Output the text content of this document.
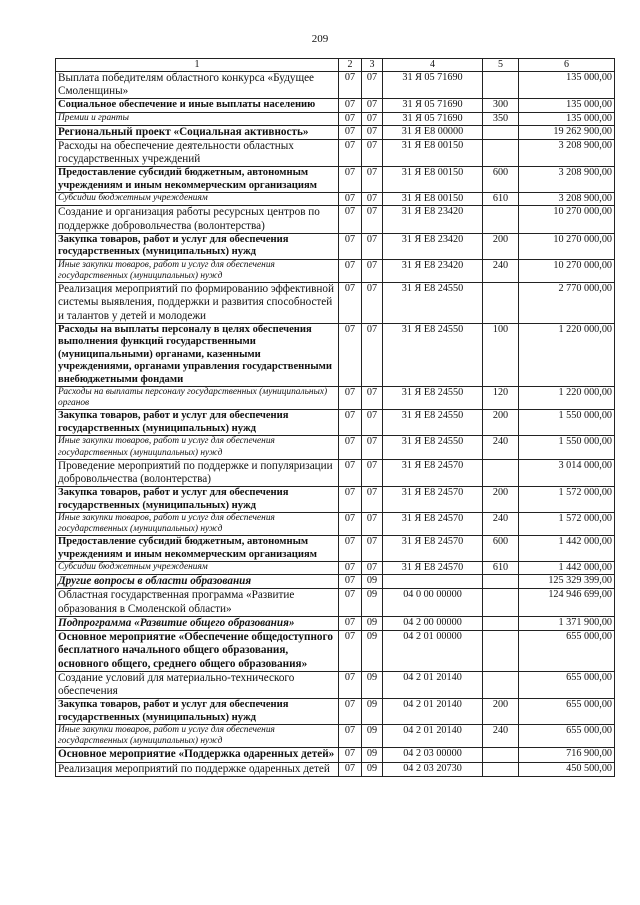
209
1	2	3	4	5	6
Выплата победителям областного конкурса «Будущее Смоленщины»	07	07	31 Я 05 71690		135 000,00
Социальное обеспечение и иные выплаты населению	07	07	31 Я 05 71690	300	135 000,00
Премии и гранты	07	07	31 Я 05 71690	350	135 000,00
Региональный проект «Социальная активность»	07	07	31 Я Е8 00000		19 262 900,00
Расходы на обеспечение деятельности областных государственных учреждений	07	07	31 Я Е8 00150		3 208 900,00
Предоставление субсидий бюджетным, автономным учреждениям и иным некоммерческим организациям	07	07	31 Я Е8 00150	600	3 208 900,00
Субсидии бюджетным учреждениям	07	07	31 Я Е8 00150	610	3 208 900,00
Создание и организация работы ресурсных центров по поддержке добровольчества (волонтерства)	07	07	31 Я Е8 23420		10 270 000,00
Закупка товаров, работ и услуг для обеспечения государственных (муниципальных) нужд	07	07	31 Я Е8 23420	200	10 270 000,00
Иные закупки товаров, работ и услуг для обеспечения государственных (муниципальных) нужд	07	07	31 Я Е8 23420	240	10 270 000,00
Реализация мероприятий по формированию эффективной системы выявления, поддержки и развития способностей и талантов у детей и молодежи	07	07	31 Я Е8 24550		2 770 000,00
Расходы на выплаты персоналу в целях обеспечения выполнения функций государственными (муниципальными) органами, казенными учреждениями, органами управления государственными внебюджетными фондами	07	07	31 Я Е8 24550	100	1 220 000,00
Расходы на выплаты персоналу государственных (муниципальных) органов	07	07	31 Я Е8 24550	120	1 220 000,00
Закупка товаров, работ и услуг для обеспечения государственных (муниципальных) нужд	07	07	31 Я Е8 24550	200	1 550 000,00
Иные закупки товаров, работ и услуг для обеспечения государственных (муниципальных) нужд	07	07	31 Я Е8 24550	240	1 550 000,00
Проведение мероприятий по поддержке и популяризации добровольчества (волонтерства)	07	07	31 Я Е8 24570		3 014 000,00
Закупка товаров, работ и услуг для обеспечения государственных (муниципальных) нужд	07	07	31 Я Е8 24570	200	1 572 000,00
Иные закупки товаров, работ и услуг для обеспечения государственных (муниципальных) нужд	07	07	31 Я Е8 24570	240	1 572 000,00
Предоставление субсидий бюджетным, автономным учреждениям и иным некоммерческим организациям	07	07	31 Я Е8 24570	600	1 442 000,00
Субсидии бюджетным учреждениям	07	07	31 Я Е8 24570	610	1 442 000,00
Другие вопросы в области образования	07	09			125 329 399,00
Областная государственная программа «Развитие образования в Смоленской области»	07	09	04 0 00 00000		124 946 699,00
Подпрограмма «Развитие общего образования»	07	09	04 2 00 00000		1 371 900,00
Основное мероприятие «Обеспечение общедоступного бесплатного начального общего образования, основного общего, среднего общего образования»	07	09	04 2 01 00000		655 000,00
Создание условий для материально-технического обеспечения	07	09	04 2 01 20140		655 000,00
Закупка товаров, работ и услуг для обеспечения государственных (муниципальных) нужд	07	09	04 2 01 20140	200	655 000,00
Иные закупки товаров, работ и услуг для обеспечения государственных (муниципальных) нужд	07	09	04 2 01 20140	240	655 000,00
Основное мероприятие «Поддержка одаренных детей»	07	09	04 2 03 00000		716 900,00
Реализация мероприятий по поддержке одаренных детей	07	09	04 2 03 20730		450 500,00
